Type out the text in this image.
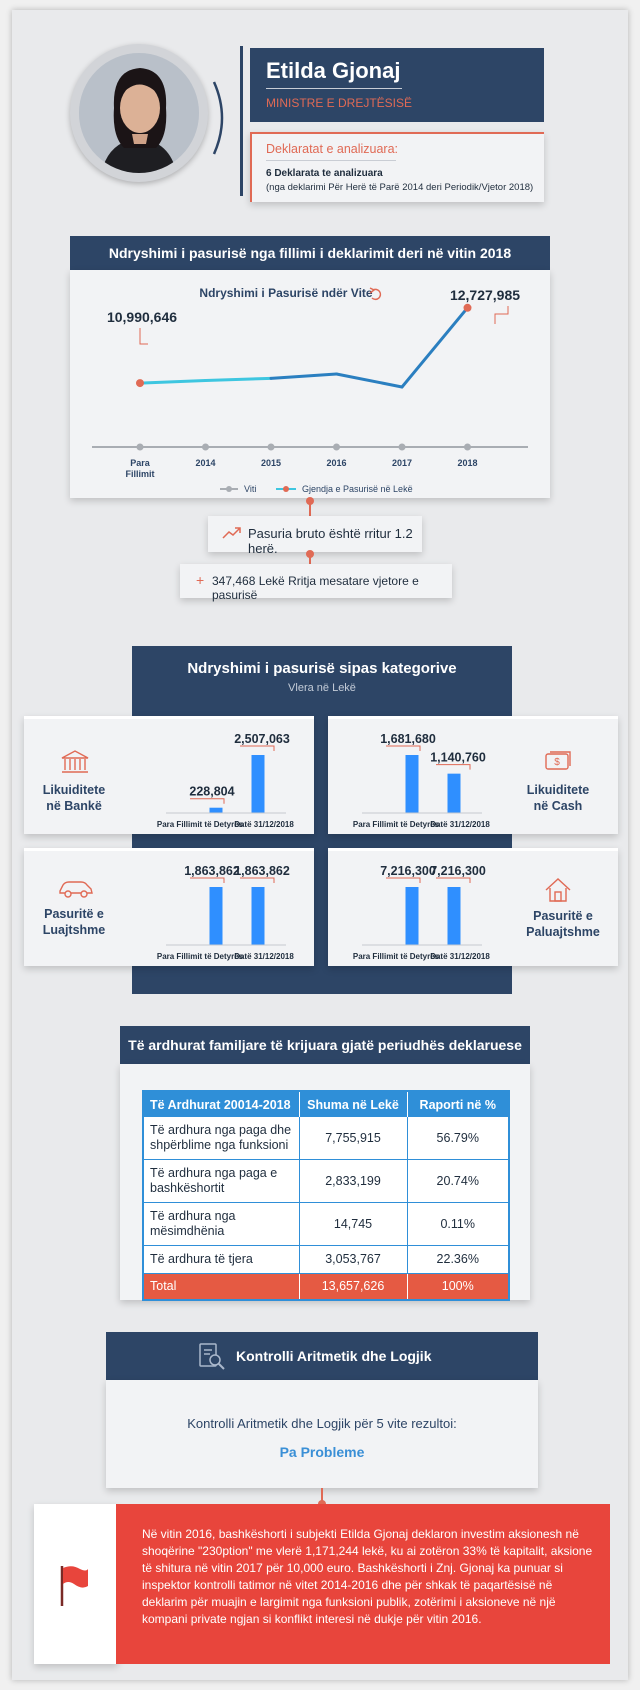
Etilda Gjonaj
MINISTRE E DREJTËSISË
Deklaratat e analizuara:
6 Deklarata te analizuara
(nga deklarimi Për Herë të Parë 2014 deri Periodik/Vjetor 2018)
Ndryshimi i pasurisë nga fillimi i deklarimit deri në vitin 2018
Ndryshimi i Pasurisë ndër Vite
10,990,646
12,727,985
Para
Fillimit
2014	2015	2016	2017	2018
Viti	Gjendja e Pasurisë në Lekë
Pasuria bruto është rritur 1.2 herë.
+ 347,468 Lekë Rritja mesatare vjetore e pasurisë
Ndryshimi i pasurisë sipas kategorive
Vlera në Lekë
Likuiditete
në Bankë
228,804
Para Fillimit të Detyrës
2,507,063
Datë 31/12/2018
1,681,680
Para Fillimit të Detyrës
1,140,760
Datë 31/12/2018
$
Likuiditete
në Cash
Pasuritë e
Luajtshme
1,863,862
Para Fillimit të Detyrës
1,863,862
Datë 31/12/2018
7,216,300
Para Fillimit të Detyrës
7,216,300
Datë 31/12/2018
Pasuritë e
Paluajtshme
Të ardhurat familjare të krijuara gjatë periudhës deklaruese
Të Ardhurat 20014-2018	Shuma në Lekë	Raporti në %
Të ardhura nga paga dhe shpërblime nga funksioni	7,755,915	56.79%
Të ardhura nga paga e bashkëshortit	2,833,199	20.74%
Të ardhura nga mësimdhënia	14,745	0.11%
Të ardhura të tjera	3,053,767	22.36%
Total	13,657,626	100%
Kontrolli Aritmetik dhe Logjik
Kontrolli Aritmetik dhe Logjik për 5 vite rezultoi:
Pa Probleme
Në vitin 2016, bashkëshorti i subjekti Etilda Gjonaj deklaron investim aksionesh në shoqërine "230ption" me vlerë 1,171,244 lekë, ku ai zotëron 33% të kapitalit, aksione të shitura në vitin 2017 për 10,000 euro. Bashkëshorti i Znj. Gjonaj ka punuar si inspektor kontrolli tatimor në vitet 2014-2016 dhe për shkak të paqartësisë në deklarim për muajin e largimit nga funksioni publik, zotërimi i aksioneve në një kompani private ngjan si konflikt interesi në dukje për vitin 2016.
